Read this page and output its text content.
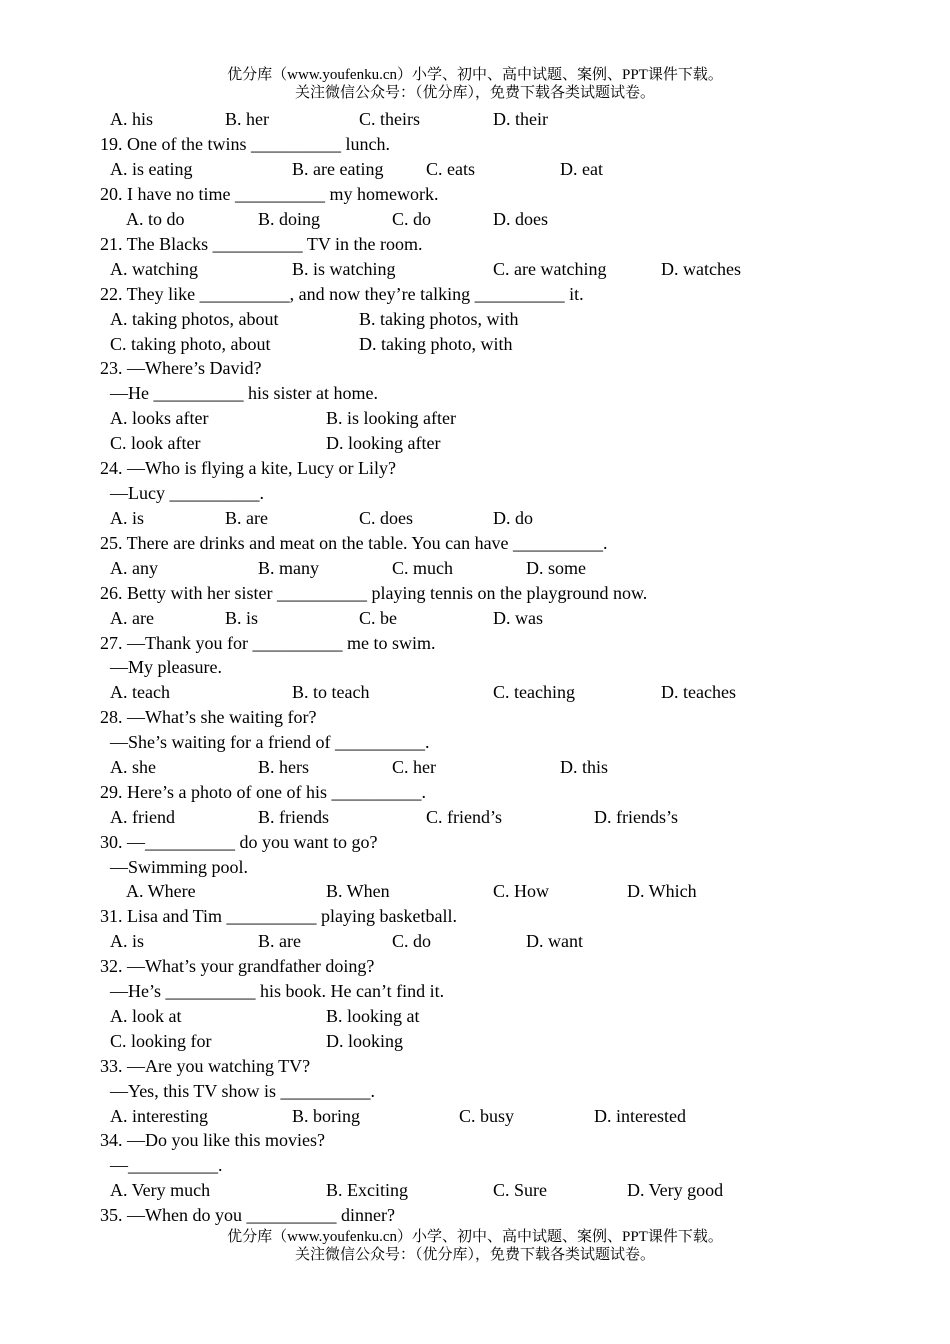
优分库（www.youfenku.cn）小学、初中、高中试题、案例、PPT课件下载。
关注微信公众号：（优分库），免费下载各类试题试卷。
A. his	B. her	C. theirs	D. their
19. One of the twins __________ lunch.
A. is eating	B. are eating C. eats	D. eat
20. I have no time __________ my homework.
A. to do	B. doing	C. do	D. does
21. The Blacks __________ TV in the room.
A. watching	B. is watching	C. are watching	D. watches
22. They like __________, and now they’re talking __________ it.
A. taking photos, about	B. taking photos, with
C. taking photo, about	D. taking photo, with
23. —Where’s David?
—He __________ his sister at home.
A. looks after	B. is looking after
C. look after	D. looking after
24. —Who is flying a kite, Lucy or Lily?
—Lucy __________.
A. is	B. are	C. does	D. do
25. There are drinks and meat on the table. You can have __________.
A. any	B. many	C. much	D. some
26. Betty with her sister __________ playing tennis on the playground now.
A. are	B. is	C. be	D. was
27. —Thank you for __________ me to swim.
—My pleasure.
A. teach	B. to teach	C. teaching	D. teaches
28. —What’s she waiting for?
—She’s waiting for a friend of __________.
A. she	B. hers	C. her	D. this
29. Here’s a photo of one of his __________.
A. friend	B. friends	C. friend’s	D. friends’s
30. —__________ do you want to go?
—Swimming pool.
A. Where	B. When	C. How	D. Which
31. Lisa and Tim __________ playing basketball.
A. is	B. are	C. do	D. want
32. —What’s your grandfather doing?
—He’s __________ his book. He can’t find it.
A. look at	B. looking at
C. looking for	D. looking
33. —Are you watching TV?
—Yes, this TV show is __________.
A. interesting	B. boring	C. busy	D. interested
34. —Do you like this movies?
—__________.
A. Very much	B. Exciting	C. Sure	D. Very good
35. —When do you __________ dinner?
优分库（www.youfenku.cn）小学、初中、高中试题、案例、PPT课件下载。
关注微信公众号：（优分库），免费下载各类试题试卷。
